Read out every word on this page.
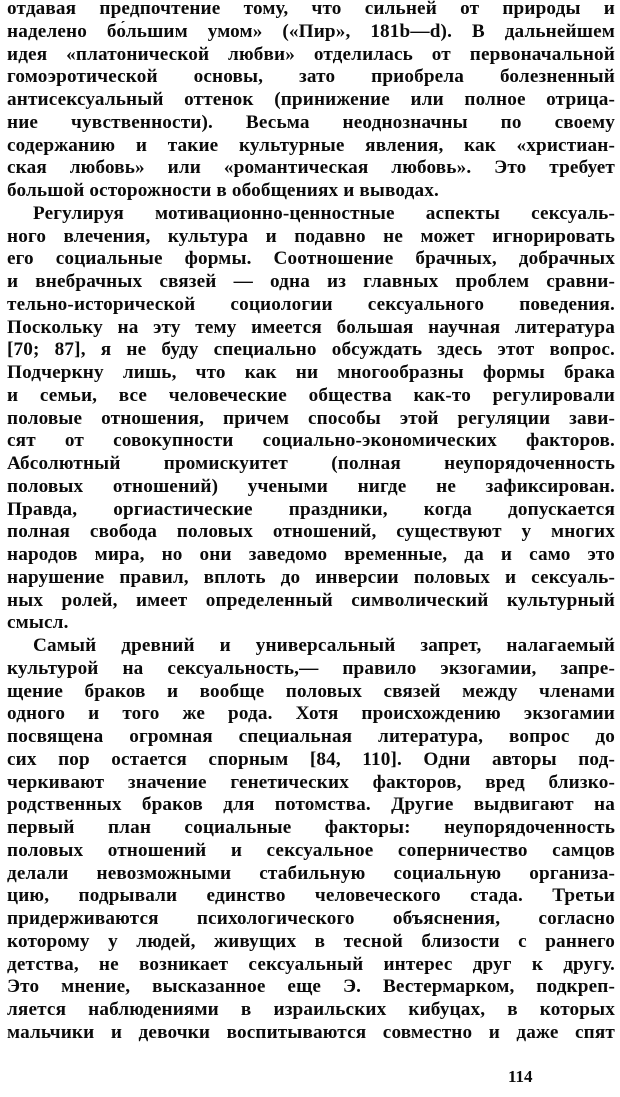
отдавая предпочтение тому, что сильней от природы и
наделено бо́льшим умом» («Пир», 181b—d). В дальнейшем
идея «платонической любви» отделилась от первоначальной
гомоэротической основы, зато приобрела болезненный
антисексуальный оттенок (принижение или полное отрица-
ние чувственности). Весьма неоднозначны по своему
содержанию и такие культурные явления, как «христиан-
ская любовь» или «романтическая любовь». Это требует
большой осторожности в обобщениях и выводах.
Регулируя мотивационно-ценностные аспекты сексуаль-
ного влечения, культура и подавно не может игнорировать
его социальные формы. Соотношение брачных, добрачных
и внебрачных связей — одна из главных проблем сравни-
тельно-исторической социологии сексуального поведения.
Поскольку на эту тему имеется большая научная литература
[70; 87], я не буду специально обсуждать здесь этот вопрос.
Подчеркну лишь, что как ни многообразны формы брака
и семьи, все человеческие общества как-то регулировали
половые отношения, причем способы этой регуляции зави-
сят от совокупности социально-экономических факторов.
Абсолютный промискуитет (полная неупорядоченность
половых отношений) учеными нигде не зафиксирован.
Правда, оргиастические праздники, когда допускается
полная свобода половых отношений, существуют у многих
народов мира, но они заведомо временные, да и само это
нарушение правил, вплоть до инверсии половых и сексуаль-
ных ролей, имеет определенный символический культурный
смысл.
Самый древний и универсальный запрет, налагаемый
культурой на сексуальность,— правило экзогамии, запре-
щение браков и вообще половых связей между членами
одного и того же рода. Хотя происхождению экзогамии
посвящена огромная специальная литература, вопрос до
сих пор остается спорным [84, 110]. Одни авторы под-
черкивают значение генетических факторов, вред близко-
родственных браков для потомства. Другие выдвигают на
первый план социальные факторы: неупорядоченность
половых отношений и сексуальное соперничество самцов
делали невозможными стабильную социальную организа-
цию, подрывали единство человеческого стада. Третьи
придерживаются психологического объяснения, согласно
которому у людей, живущих в тесной близости с раннего
детства, не возникает сексуальный интерес друг к другу.
Это мнение, высказанное еще Э. Вестермарком, подкреп-
ляется наблюдениями в израильских кибуцах, в которых
мальчики и девочки воспитываются совместно и даже спят
114
